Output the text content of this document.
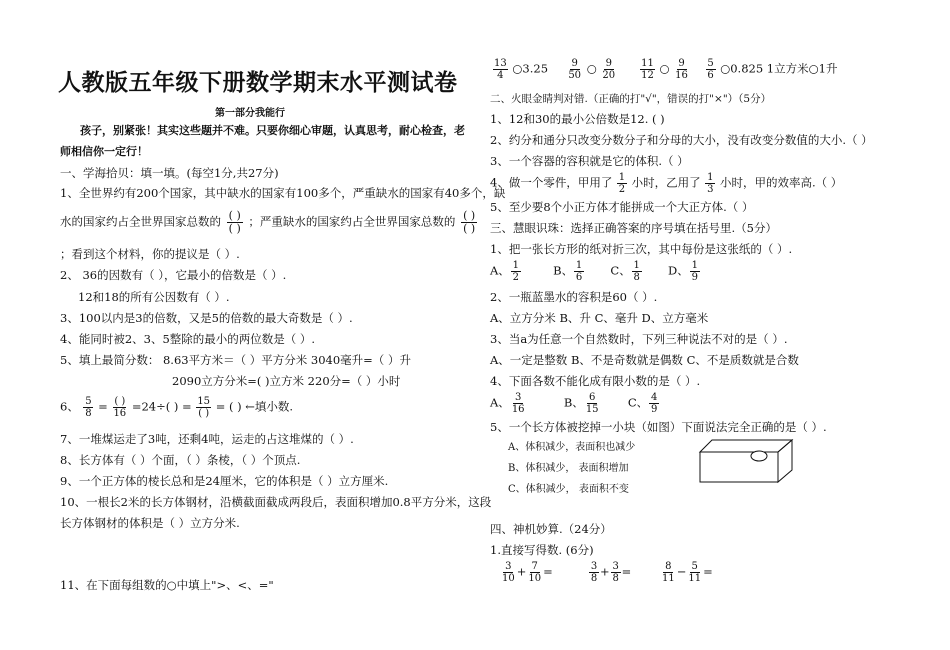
人教版五年级下册数学期末水平测试卷
第一部分我能行
孩子，别紧张！其实这些题并不难。只要你细心审题，认真思考，耐心检查，老
师相信你一定行！
一、学海拾贝：填一填。(每空1分,共27分)
1、全世界约有200个国家，其中缺水的国家有100多个，严重缺水的国家有40多个，缺
水的国家约占全世界国家总数的 $\frac{( )}{( )}$ ；严重缺水的国家约占全世界国家总数的 $\frac{( )}{( )}$
；看到这个材料，你的提议是（ ）.
2、 36的因数有（ ），它最小的倍数是（ ）.
12和18的所有公因数有（ ）.
3、100以内是3的倍数，又是5的倍数的最大奇数是（ ）.
4、能同时被2、3、5整除的最小的两位数是（ ）.
5、填上最简分数： 8.63平方米＝（ ）平方分米 3040毫升=（ ）升
2090立方分米=( )立方米 220分=（ ）小时
6、 $\frac{5}{8} = \frac{( )}{16} =24\div$( ) = $\frac{15}{( )}$ = ( ) ←填小数.
7、一堆煤运走了3吨，还剩4吨，运走的占这堆煤的（ ）.
8、长方体有（ ）个面，（ ）条棱，（ ）个顶点.
9、一个正方体的棱长总和是24厘米，它的体积是（ ）立方厘米.
10、一根长2米的长方体钢材，沿横截面截成两段后，表面积增加0.8平方分米，这段
长方体钢材的体积是（ ）立方分米.
11、在下面每组数的○中填上">、<、="
$\frac{13}{4}$ ○3.25 $\frac{9}{50}$ ○ $\frac{9}{20}$
$\frac{11}{12}$ ○ $\frac{9}{16}$
$\frac{5}{6}$ ○0.825 1立方米○1升
二、火眼金睛判对错.（正确的打"√"，错误的打"×"）（5分）
1、12和30的最小公倍数是12. ( )
2、约分和通分只改变分数分子和分母的大小，没有改变分数值的大小.（ ）
3、一个容器的容积就是它的体积.（ ）
4、做一个零件，甲用了 $\frac{1}{2}$ 小时，乙用了 $\frac{1}{3}$ 小时，甲的效率高.（ ）
5、至少要8个小正方体才能拼成一个大正方体.（ ）
三、慧眼识珠：选择正确答案的序号填在括号里.（5分）
1、把一张长方形的纸对折三次，其中每份是这张纸的（ ）.
A、 $\frac{1}{2}$	B、 $\frac{1}{6}$ C、 $\frac{1}{8}$ D、 $\frac{1}{9}$
2、一瓶蓝墨水的容积是60（ ）.
A、立方分米 B、升 C、毫升 D、立方毫米
3、当a为任意一个自然数时，下列三种说法不对的是（ ）.
A、一定是整数 B、不是奇数就是偶数 C、不是质数就是合数
4、下面各数不能化成有限小数的是（ ）.
A、 $\frac{3}{16}$	B、 $\frac{6}{15}$ C、 $\frac{4}{9}$
5、一个长方体被挖掉一小块（如图）下面说法完全正确的是（ ）.
A、体积减少，表面积也减少
B、体积减少， 表面积增加
C、体积减少， 表面积不变
四、神机妙算.（24分）
1.直接写得数. (6分)
$\frac{3}{10} + \frac{7}{10}$ =	$\frac{3}{8} + \frac{3}{8}$ =	$\frac{8}{11} - \frac{5}{11}$ =
